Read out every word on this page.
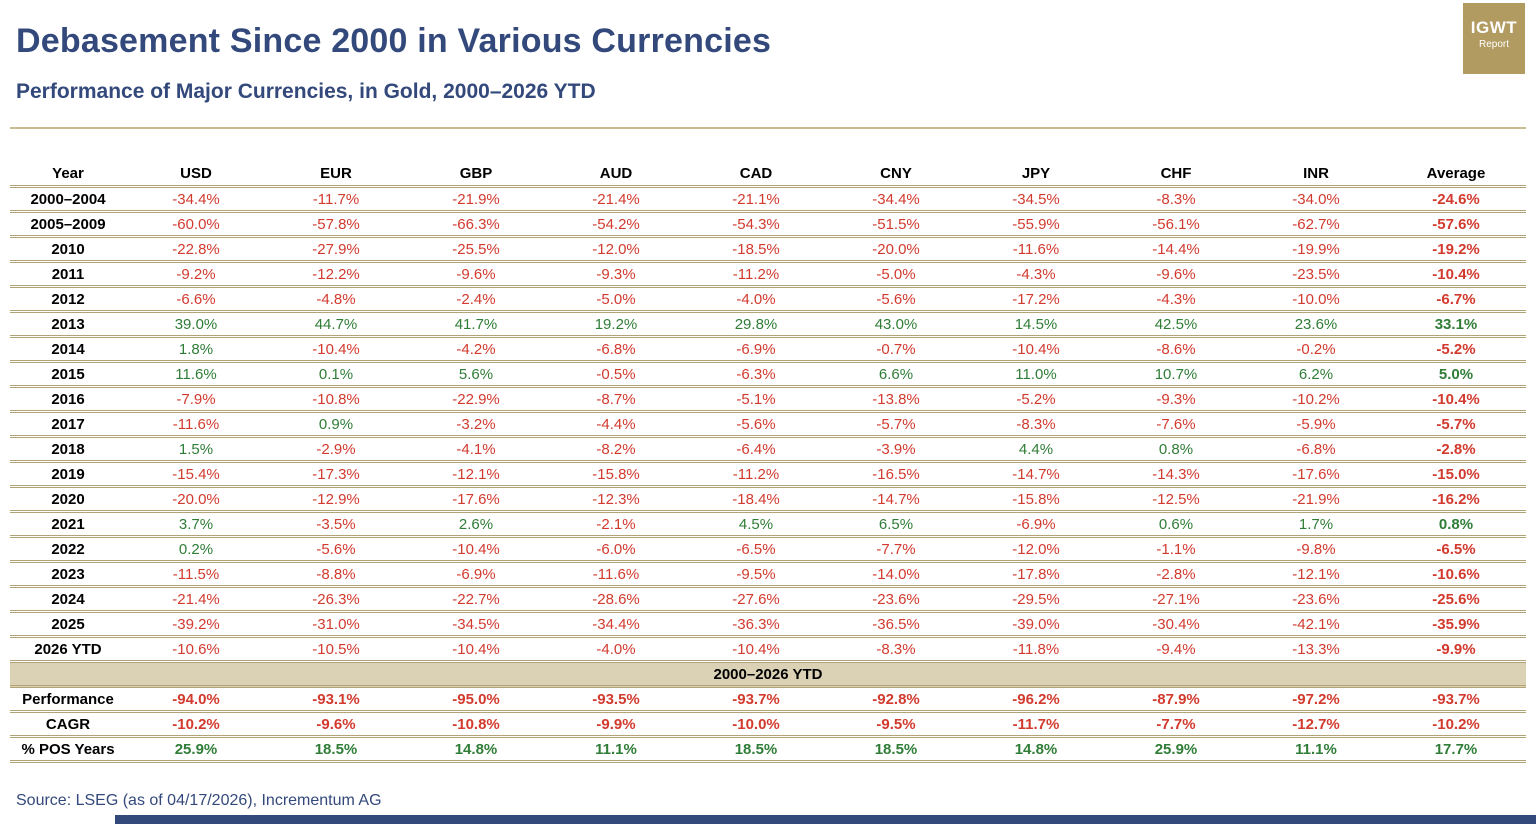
Debasement Since 2000 in Various Currencies
Performance of Major Currencies, in Gold, 2000–2026 YTD
IGWT
Report
Year	USD	EUR	GBP	AUD	CAD	CNY	JPY	CHF	INR	Average
2000–2004	-34.4%	-11.7%	-21.9%	-21.4%	-21.1%	-34.4%	-34.5%	-8.3%	-34.0%	-24.6%
2005–2009	-60.0%	-57.8%	-66.3%	-54.2%	-54.3%	-51.5%	-55.9%	-56.1%	-62.7%	-57.6%
2010	-22.8%	-27.9%	-25.5%	-12.0%	-18.5%	-20.0%	-11.6%	-14.4%	-19.9%	-19.2%
2011	-9.2%	-12.2%	-9.6%	-9.3%	-11.2%	-5.0%	-4.3%	-9.6%	-23.5%	-10.4%
2012	-6.6%	-4.8%	-2.4%	-5.0%	-4.0%	-5.6%	-17.2%	-4.3%	-10.0%	-6.7%
2013	39.0%	44.7%	41.7%	19.2%	29.8%	43.0%	14.5%	42.5%	23.6%	33.1%
2014	1.8%	-10.4%	-4.2%	-6.8%	-6.9%	-0.7%	-10.4%	-8.6%	-0.2%	-5.2%
2015	11.6%	0.1%	5.6%	-0.5%	-6.3%	6.6%	11.0%	10.7%	6.2%	5.0%
2016	-7.9%	-10.8%	-22.9%	-8.7%	-5.1%	-13.8%	-5.2%	-9.3%	-10.2%	-10.4%
2017	-11.6%	0.9%	-3.2%	-4.4%	-5.6%	-5.7%	-8.3%	-7.6%	-5.9%	-5.7%
2018	1.5%	-2.9%	-4.1%	-8.2%	-6.4%	-3.9%	4.4%	0.8%	-6.8%	-2.8%
2019	-15.4%	-17.3%	-12.1%	-15.8%	-11.2%	-16.5%	-14.7%	-14.3%	-17.6%	-15.0%
2020	-20.0%	-12.9%	-17.6%	-12.3%	-18.4%	-14.7%	-15.8%	-12.5%	-21.9%	-16.2%
2021	3.7%	-3.5%	2.6%	-2.1%	4.5%	6.5%	-6.9%	0.6%	1.7%	0.8%
2022	0.2%	-5.6%	-10.4%	-6.0%	-6.5%	-7.7%	-12.0%	-1.1%	-9.8%	-6.5%
2023	-11.5%	-8.8%	-6.9%	-11.6%	-9.5%	-14.0%	-17.8%	-2.8%	-12.1%	-10.6%
2024	-21.4%	-26.3%	-22.7%	-28.6%	-27.6%	-23.6%	-29.5%	-27.1%	-23.6%	-25.6%
2025	-39.2%	-31.0%	-34.5%	-34.4%	-36.3%	-36.5%	-39.0%	-30.4%	-42.1%	-35.9%
2026 YTD	-10.6%	-10.5%	-10.4%	-4.0%	-10.4%	-8.3%	-11.8%	-9.4%	-13.3%	-9.9%
2000–2026 YTD										
Performance	-94.0%	-93.1%	-95.0%	-93.5%	-93.7%	-92.8%	-96.2%	-87.9%	-97.2%	-93.7%
CAGR	-10.2%	-9.6%	-10.8%	-9.9%	-10.0%	-9.5%	-11.7%	-7.7%	-12.7%	-10.2%
% POS Years	25.9%	18.5%	14.8%	11.1%	18.5%	18.5%	14.8%	25.9%	11.1%	17.7%
Source: LSEG (as of 04/17/2026), Incrementum AG
